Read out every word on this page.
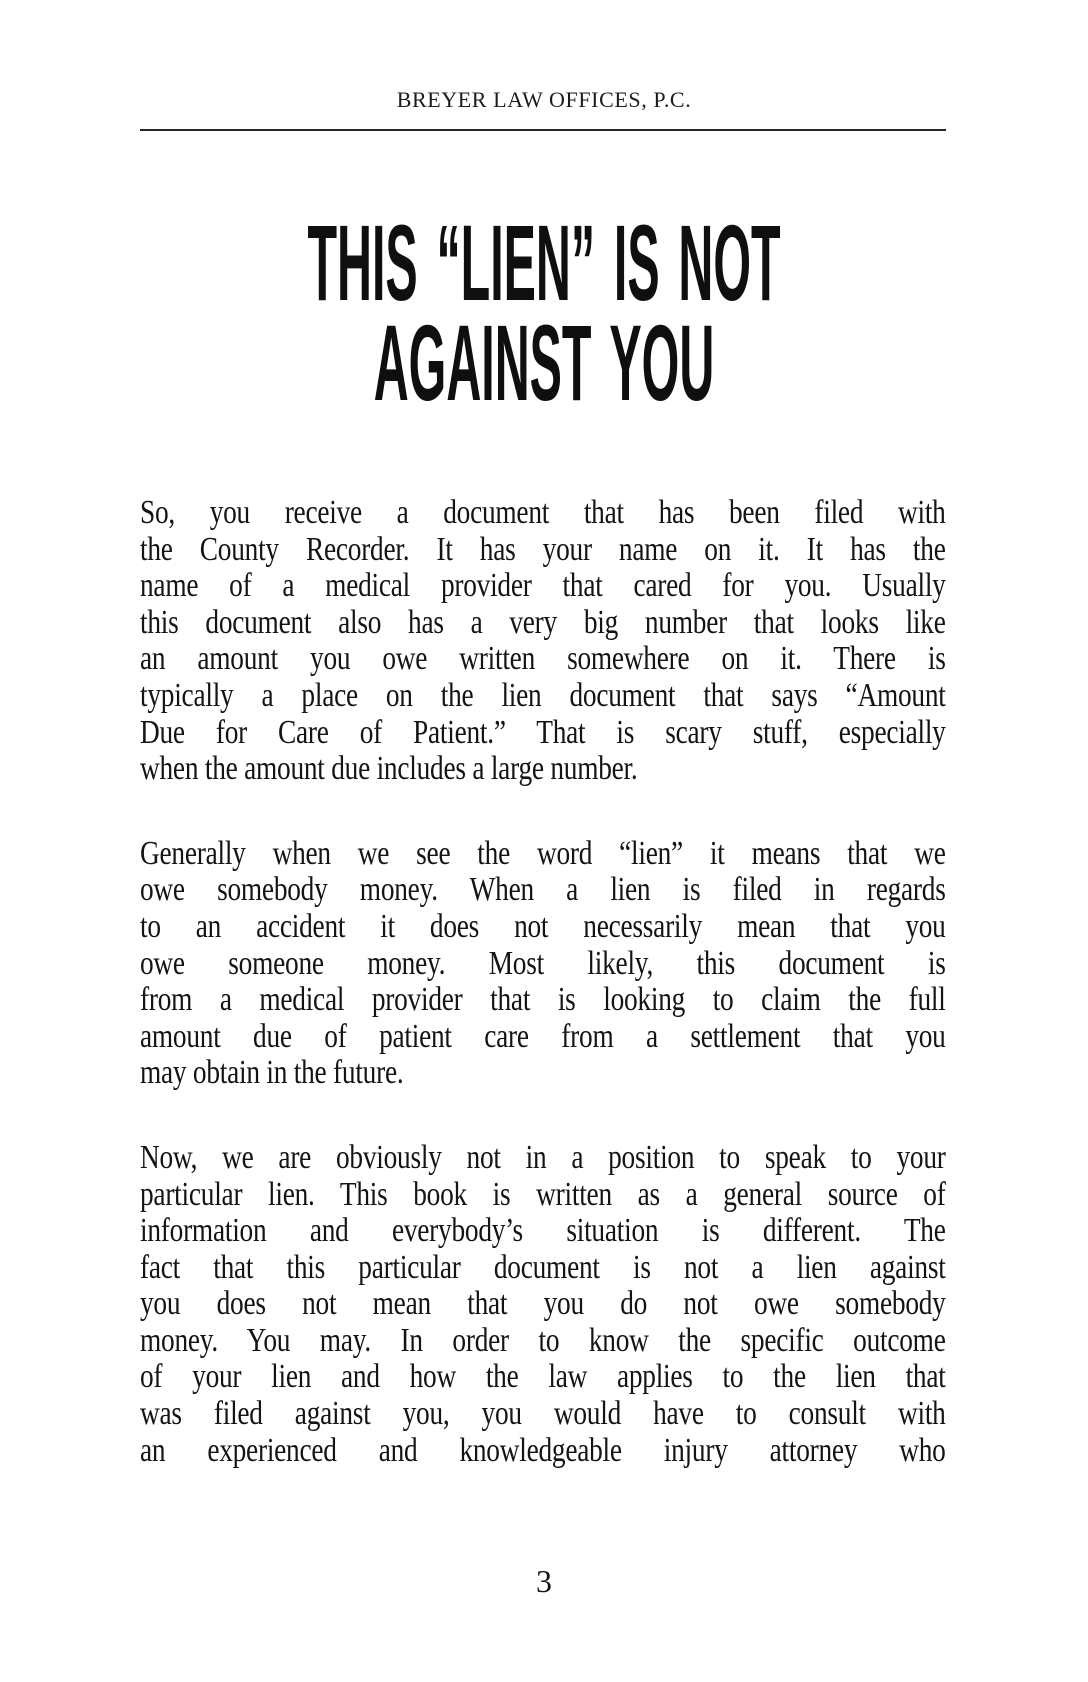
BREYER LAW OFFICES, P.C.
THIS “LIEN” IS NOT
AGAINST YOU

So, you receive a document that has been filed with
the County Recorder. It has your name on it. It has the
name of a medical provider that cared for you. Usually
this document also has a very big number that looks like
an amount you owe written somewhere on it. There is
typically a place on the lien document that says “Amount
Due for Care of Patient.” That is scary stuff, especially
when the amount due includes a large number.

Generally when we see the word “lien” it means that we
owe somebody money. When a lien is filed in regards
to an accident it does not necessarily mean that you
owe someone money. Most likely, this document is
from a medical provider that is looking to claim the full
amount due of patient care from a settlement that you
may obtain in the future.

Now, we are obviously not in a position to speak to your
particular lien. This book is written as a general source of
information and everybody’s situation is different. The
fact that this particular document is not a lien against
you does not mean that you do not owe somebody
money. You may. In order to know the specific outcome
of your lien and how the law applies to the lien that
was filed against you, you would have to consult with
an experienced and knowledgeable injury attorney who

3
